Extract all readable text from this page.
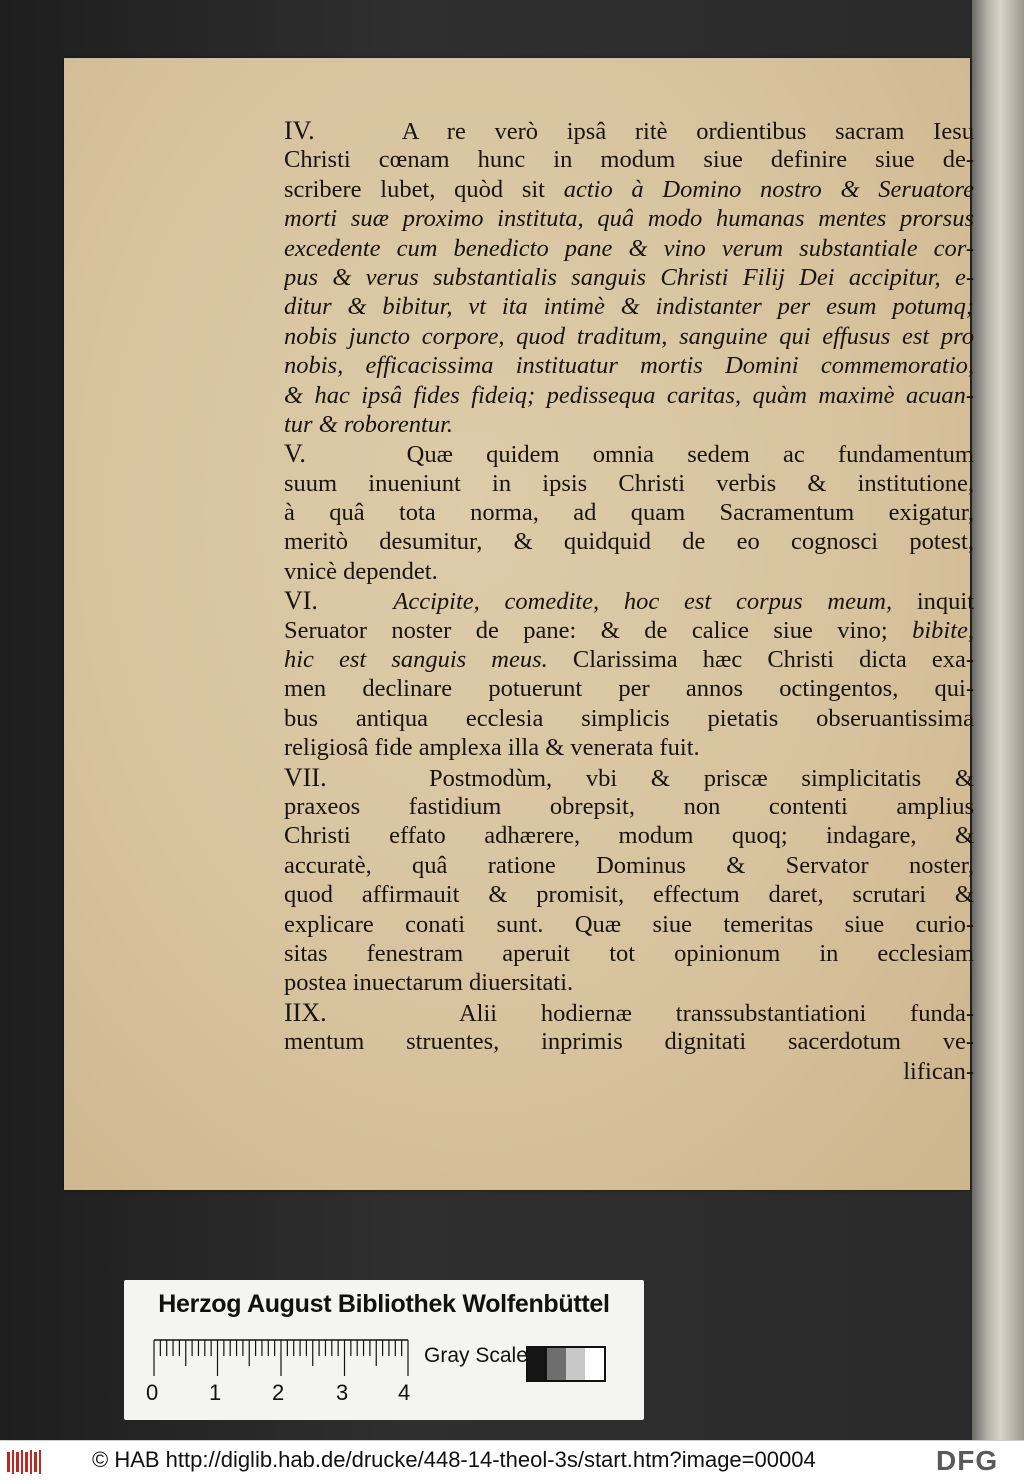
IV.   A re verò ipsâ ritè ordientibus sacram Iesu
Christi cœnam hunc in modum siue definire siue de-
scribere lubet, quòd sit actio à Domino nostro & Seruatore
morti suæ proximo instituta, quâ modo humanas mentes prorsus
excedente cum benedicto pane & vino verum substantiale cor-
pus & verus substantialis sanguis Christi Filij Dei accipitur, e-
ditur & bibitur, vt ita intimè & indistanter per esum potumq;
nobis juncto corpore, quod traditum, sanguine qui effusus est pro
nobis, efficacissima instituatur mortis Domini commemoratio,
& hac ipsâ fides fideiq; pedissequa caritas, quàm maximè acuan-
tur & roborentur.
V.   Quæ quidem omnia sedem ac fundamentum
suum inueniunt in ipsis Christi verbis & institutione,
à quâ tota norma, ad quam Sacramentum exigatur,
meritò desumitur, & quidquid de eo cognosci potest,
vnicè dependet.
VI.   Accipite, comedite, hoc est corpus meum, inquit
Seruator noster de pane: & de calice siue vino; bibite,
hic est sanguis meus. Clarissima hæc Christi dicta exa-
men declinare potuerunt per annos octingentos, qui-
bus antiqua ecclesia simplicis pietatis obseruantissima
religiosâ fide amplexa illa & venerata fuit.
VII.   Postmodùm, vbi & priscæ simplicitatis &
praxeos fastidium obrepsit, non contenti amplius
Christi effato adhærere, modum quoq; indagare, &
accuratè, quâ ratione Dominus & Servator noster,
quod affirmauit & promisit, effectum daret, scrutari &
explicare conati sunt. Quæ siue temeritas siue curio-
sitas fenestram aperuit tot opinionum in ecclesiam
postea inuectarum diuersitati.
IIX.   Alii hodiernæ transsubstantiationi funda-
mentum struentes, inprimis dignitati sacerdotum ve-
lifican-
Herzog August Bibliothek Wolfenbüttel
0 1 2 3 4
Gray Scale
© HAB http://diglib.hab.de/drucke/448-14-theol-3s/start.htm?image=00004	DFG
